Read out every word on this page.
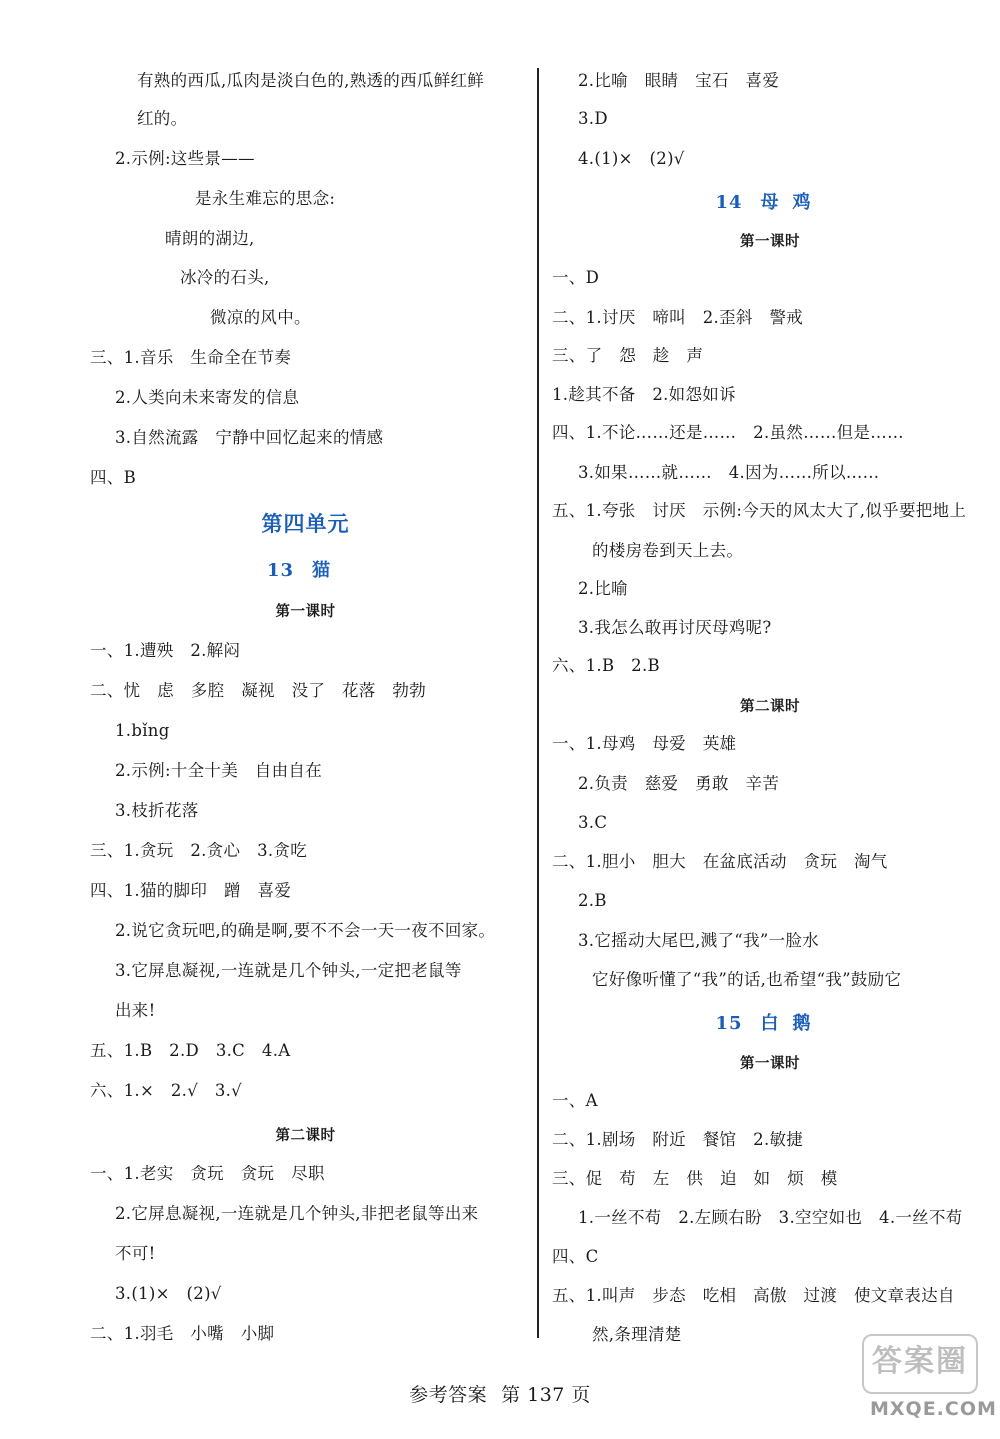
有熟的西瓜,瓜肉是淡白色的,熟透的西瓜鲜红鲜
红的。
2.示例:这些景——
是永生难忘的思念:
晴朗的湖边,
冰冷的石头,
微凉的风中。
三、1.音乐　生命全在节奏
2.人类向未来寄发的信息
3.自然流露　宁静中回忆起来的情感
四、B
第四单元
13 猫
第一课时
一、1.遭殃　2.解闷
二、忧　虑　多腔　凝视　没了　花落　勃勃
1.bǐng
2.示例:十全十美　自由自在
3.枝折花落
三、1.贪玩　2.贪心　3.贪吃
四、1.猫的脚印　蹭　喜爱
2.说它贪玩吧,的确是啊,要不不会一天一夜不回家。
3.它屏息凝视,一连就是几个钟头,一定把老鼠等
出来!
五、1.B　2.D　3.C　4.A
六、1.×　2.√　3.√
第二课时
一、1.老实　贪玩　贪玩　尽职
2.它屏息凝视,一连就是几个钟头,非把老鼠等出来
不可!
3.(1)×　(2)√
二、1.羽毛　小嘴　小脚
2.比喻　眼睛　宝石　喜爱
3.D
4.(1)×　(2)√
14 母鸡
第一课时
一、D
二、1.讨厌　啼叫　2.歪斜　警戒
三、了　怨　趁　声
1.趁其不备　2.如怨如诉
四、1.不论……还是……　2.虽然……但是……
3.如果……就……　4.因为……所以……
五、1.夸张　讨厌　示例:今天的风太大了,似乎要把地上
的楼房卷到天上去。
2.比喻
3.我怎么敢再讨厌母鸡呢?
六、1.B　2.B
第二课时
一、1.母鸡　母爱　英雄
2.负责　慈爱　勇敢　辛苦
3.C
二、1.胆小　胆大　在盆底活动　贪玩　淘气
2.B
3.它摇动大尾巴,溅了“我”一脸水
它好像听懂了“我”的话,也希望“我”鼓励它
15 白鹅
第一课时
一、A
二、1.剧场　附近　餐馆　2.敏捷
三、促　苟　左　供　迫　如　烦　模
1.一丝不苟　2.左顾右盼　3.空空如也　4.一丝不苟
四、C
五、1.叫声　步态　吃相　高傲　过渡　使文章表达自
然,条理清楚
参考答案 第 137 页
答案圈
MXQE.COM
